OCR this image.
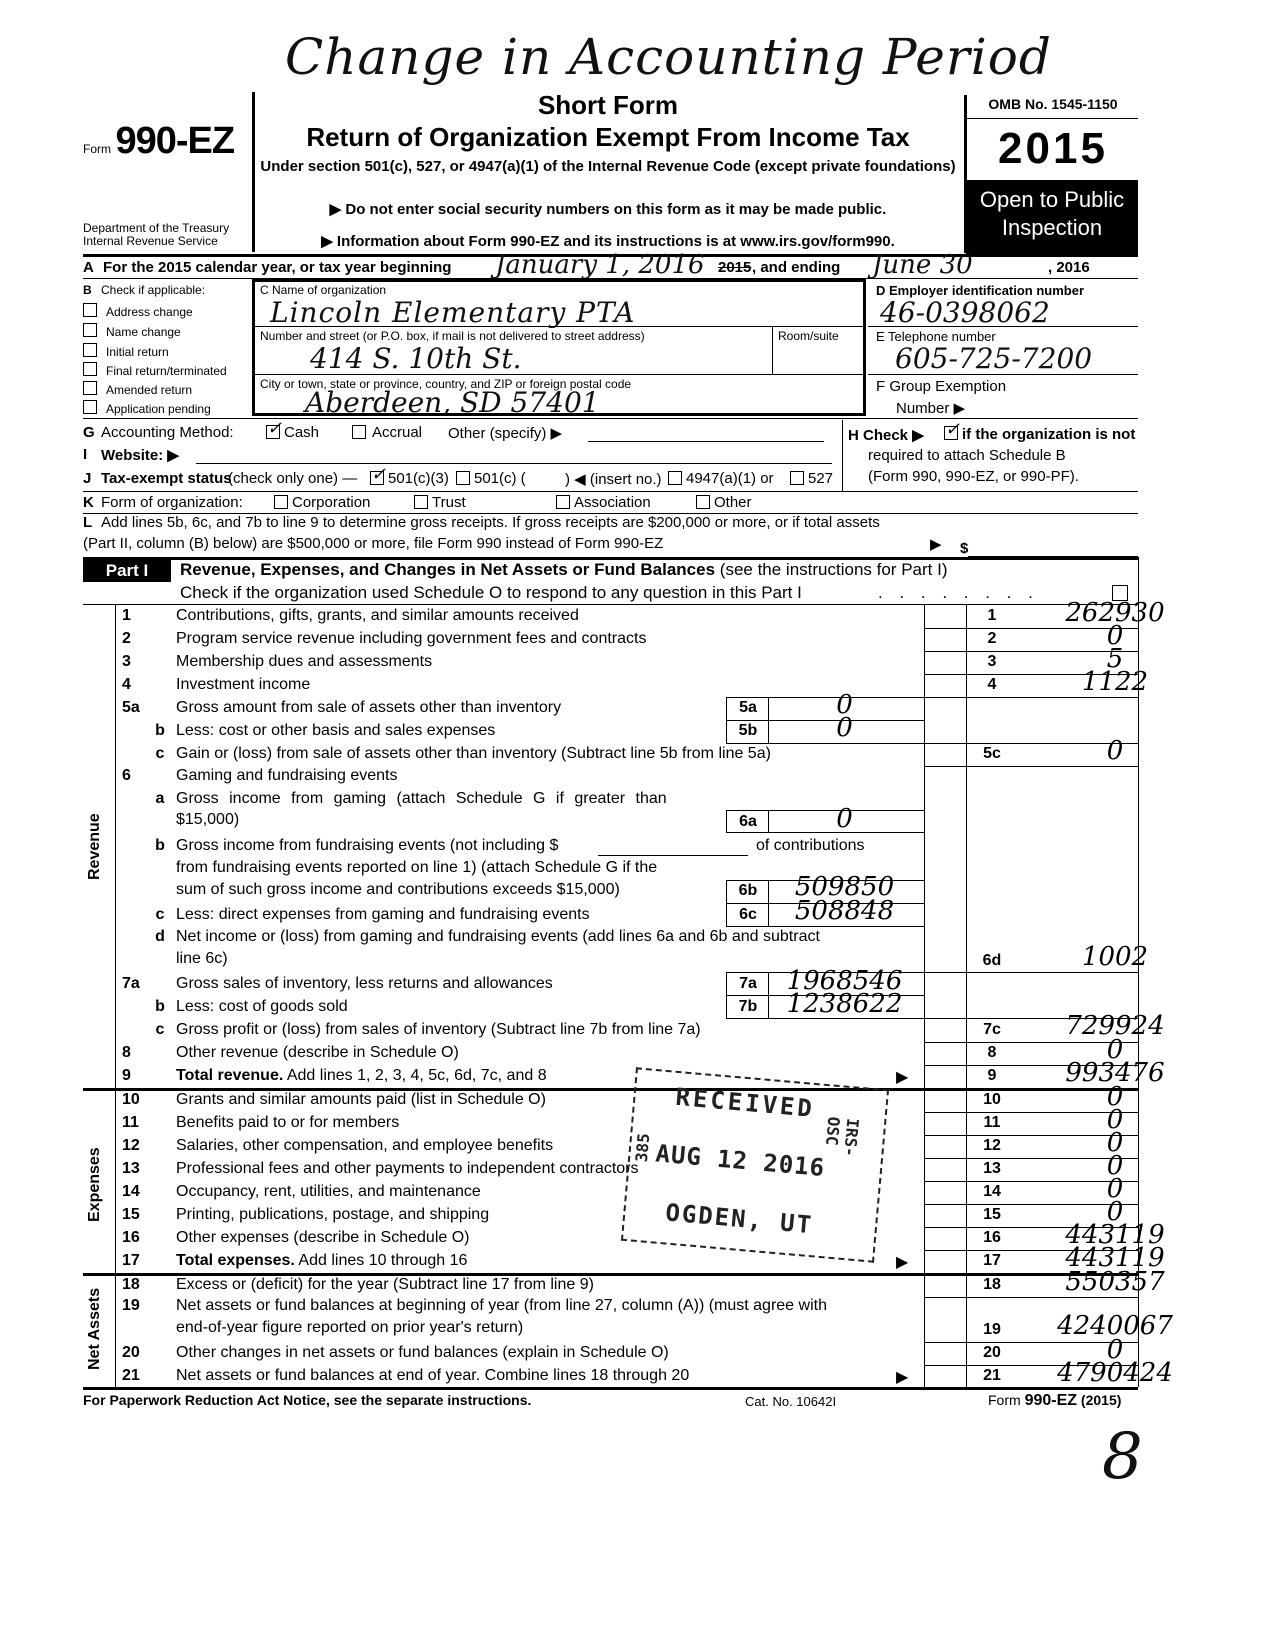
Change in Accounting Period
Form 990-EZ
Department of the Treasury
Internal Revenue Service
Short Form
Return of Organization Exempt From Income Tax
Under section 501(c), 527, or 4947(a)(1) of the Internal Revenue Code (except private foundations)
▶ Do not enter social security numbers on this form as it may be made public.
▶ Information about Form 990-EZ and its instructions is at www.irs.gov/form990.
OMB No. 1545-1150
2015
Open to Public
Inspection
A For the 2015 calendar year, or tax year beginning January 1, 2016 2015 , and ending June 30	, 2016
B Check if applicable:
Address change
Name change
Initial return
Final return/terminated
Amended return
Application pending
C Name of organization
Lincoln Elementary PTA
Number and street (or P.O. box, if mail is not delivered to street address)	Room/suite
414 S. 10th St.
City or town, state or province, country, and ZIP or foreign postal code
Aberdeen, SD 57401
D Employer identification number
46-0398062
E Telephone number
605-725-7200
F Group Exemption
Number ▶
G Accounting Method: ✓ Cash	Accrual Other (specify) ▶	H Check ▶ ✓ if the organization is not
required to attach Schedule B
(Form 990, 990-EZ, or 990-PF).
I Website: ▶
J Tax-exempt status
(check only one) — ✓ 501(c)(3) 501(c) (	) ◀ (insert no.) 4947(a)(1) or 527
K Form of organization:	Corporation	Trust	Association	Other
L Add lines 5b, 6c, and 7b to line 9 to determine gross receipts. If gross receipts are $200,000 or more, or if total assets
(Part II, column (B) below) are $500,000 or more, file Form 990 instead of Form 990-EZ	▶ $
Part I	Revenue, Expenses, and Changes in Net Assets or Fund Balances (see the instructions for Part I)
Check if the organization used Schedule O to respond to any question in this Part I	. . . . . . . .
Revenue
Expenses
Net Assets
1	Contributions, gifts, grants, and similar amounts received	1	262930
2	Program service revenue including government fees and contracts	2	0
3	Membership dues and assessments	3	5
4	Investment income	4	1122
5a	Gross amount from sale of assets other than inventory	5a	0
b Less: cost or other basis and sales expenses	5b	0
c Gain or (loss) from sale of assets other than inventory (Subtract line 5b from line 5a)	5c	0
6	Gaming and fundraising events
a Gross income from gaming (attach Schedule G if greater than
$15,000)	6a	0
b Gross income from fundraising events (not including $	of contributions
from fundraising events reported on line 1) (attach Schedule G if the
sum of such gross income and contributions exceeds $15,000)	6b	509850
c Less: direct expenses from gaming and fundraising events	6c	508848
d Net income or (loss) from gaming and fundraising events (add lines 6a and 6b and subtract
line 6c)	6d	1002
7a	Gross sales of inventory, less returns and allowances	7a	1968546
b Less: cost of goods sold	7b	1238622
c Gross profit or (loss) from sales of inventory (Subtract line 7b from line 7a)	7c	729924
8	Other revenue (describe in Schedule O)	8	0
9	Total revenue. Add lines 1, 2, 3, 4, 5c, 6d, 7c, and 8	▶	9	993476
10	Grants and similar amounts paid (list in Schedule O)	10	0
11	Benefits paid to or for members	11	0
12	Salaries, other compensation, and employee benefits	12	0
13	Professional fees and other payments to independent contractors	13	0
14	Occupancy, rent, utilities, and maintenance	14	0
15	Printing, publications, postage, and shipping	15	0
16	Other expenses (describe in Schedule O)	16	443119
17	Total expenses. Add lines 10 through 16	▶	17	443119
18	Excess or (deficit) for the year (Subtract line 17 from line 9)	18	550357
19	Net assets or fund balances at beginning of year (from line 27, column (A)) (must agree with
end-of-year figure reported on prior year's return)	19	4240067
20	Other changes in net assets or fund balances (explain in Schedule O)	20	0
21	Net assets or fund balances at end of year. Combine lines 18 through 20	▶	21	4790424
RECEIVED
AUG 12 2016
OGDEN, UT
385	IRS-OSC
For Paperwork Reduction Act Notice, see the separate instructions.	Cat. No. 10642I	Form 990-EZ (2015)
8
